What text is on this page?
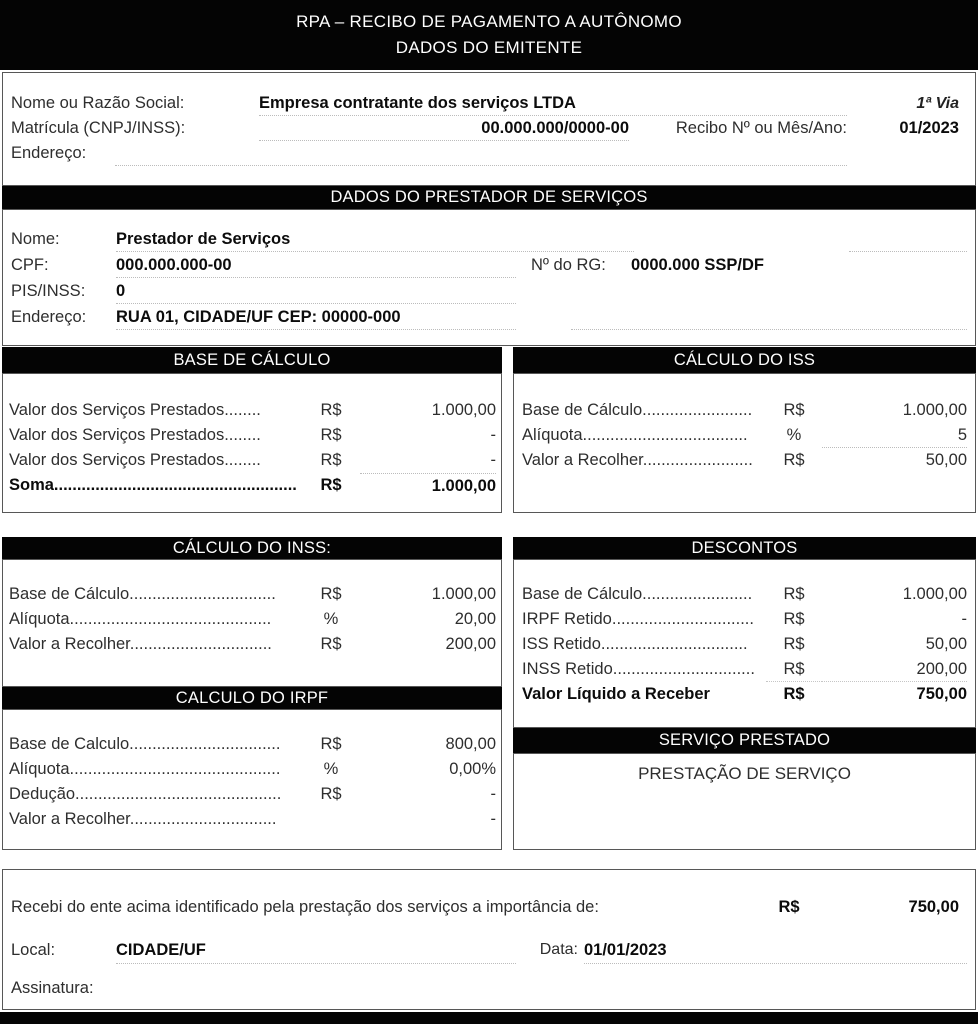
RPA – RECIBO DE PAGAMENTO A AUTÔNOMO
DADOS DO EMITENTE
Nome ou Razão Social:	Empresa contratante dos serviços LTDA	1ª Via
Matrícula (CNPJ/INSS):	00.000.000/0000-00	Recibo Nº ou Mês/Ano:	01/2023
Endereço:
DADOS DO PRESTADOR DE SERVIÇOS
Nome:	Prestador de Serviços
CPF:	000.000.000-00	Nº do RG:	0000.000 SSP/DF
PIS/INSS:	0
Endereço:	RUA 01, CIDADE/UF CEP: 00000-000
BASE DE CÁLCULO
Valor dos Serviços Prestados........	R$	1.000,00
Valor dos Serviços Prestados........	R$	-
Valor dos Serviços Prestados........	R$	-
Soma.....................................................	R$	1.000,00
CÁLCULO DO INSS:
Base de Cálculo................................	R$	1.000,00
Alíquota............................................	%	20,00
Valor a Recolher...............................	R$	200,00
CALCULO DO IRPF
Base de Calculo.................................	R$	800,00
Alíquota..............................................	%	0,00%
Dedução.............................................	R$	-
Valor a Recolher................................	-
CÁLCULO DO ISS
Base de Cálculo........................	R$	1.000,00
Alíquota....................................	%	5
Valor a Recolher........................	R$	50,00
DESCONTOS
Base de Cálculo........................	R$	1.000,00
IRPF Retido...............................	R$	-
ISS Retido................................	R$	50,00
INSS Retido...............................	R$	200,00
Valor Líquido a Receber	R$	750,00
SERVIÇO PRESTADO
PRESTAÇÃO DE SERVIÇO
Recebi do ente acima identificado pela prestação dos serviços a importância de:	R$	750,00
Local:	CIDADE/UF	Data: 01/01/2023
Assinatura:
